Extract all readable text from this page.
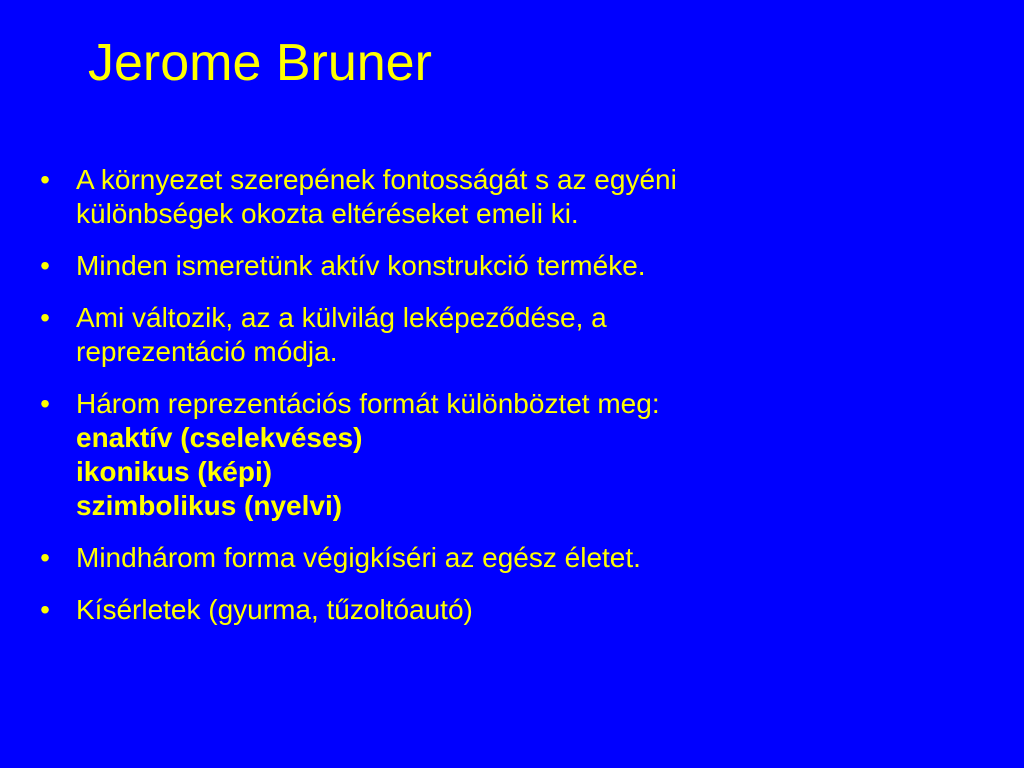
Jerome Bruner
• A környezet szerepének fontosságát s az egyéni
különbségek okozta eltéréseket emeli ki.
• Minden ismeretünk aktív konstrukció terméke.
• Ami változik, az a külvilág leképeződése, a
reprezentáció módja.
• Három reprezentációs formát különböztet meg:
enaktív (cselekvéses)
ikonikus (képi)
szimbolikus (nyelvi)
• Mindhárom forma végigkíséri az egész életet.
• Kísérletek (gyurma, tűzoltóautó)
